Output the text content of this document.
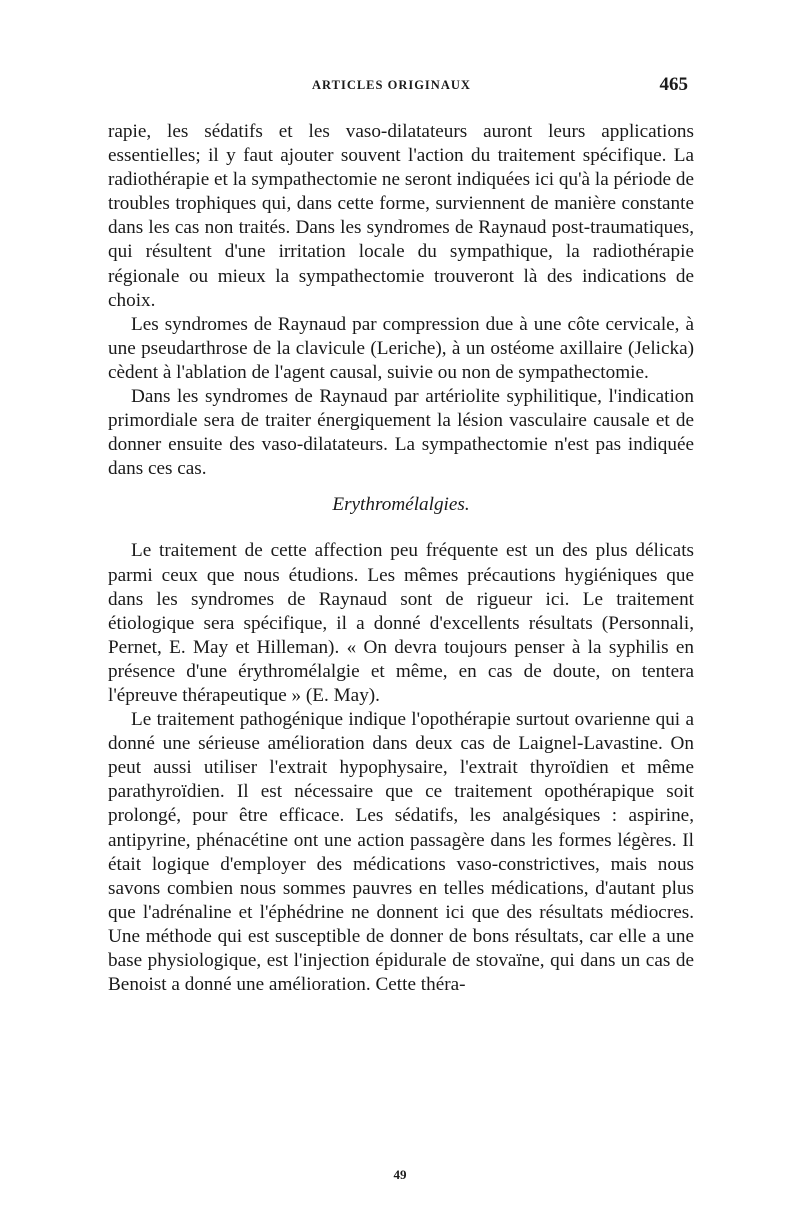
ARTICLES ORIGINAUX	465

rapie, les sédatifs et les vaso-dilatateurs auront leurs applications essentielles; il y faut ajouter souvent l'action du traitement spécifique. La radiothérapie et la sympathectomie ne seront indiquées ici qu'à la période de troubles trophiques qui, dans cette forme, surviennent de manière constante dans les cas non traités. Dans les syndromes de Raynaud post-traumatiques, qui résultent d'une irritation locale du sympathique, la radiothérapie régionale ou mieux la sympathectomie trouveront là des indications de choix.

Les syndromes de Raynaud par compression due à une côte cervicale, à une pseudarthrose de la clavicule (Leriche), à un ostéome axillaire (Jelicka) cèdent à l'ablation de l'agent causal, suivie ou non de sympathectomie.

Dans les syndromes de Raynaud par artériolite syphilitique, l'indication primordiale sera de traiter énergiquement la lésion vasculaire causale et de donner ensuite des vaso-dilatateurs. La sympathectomie n'est pas indiquée dans ces cas.

Erythromélalgies.

Le traitement de cette affection peu fréquente est un des plus délicats parmi ceux que nous étudions. Les mêmes précautions hygiéniques que dans les syndromes de Raynaud sont de rigueur ici. Le traitement étiologique sera spécifique, il a donné d'excellents résultats (Personnali, Pernet, E. May et Hilleman). « On devra toujours penser à la syphilis en présence d'une érythromélalgie et même, en cas de doute, on tentera l'épreuve thérapeutique » (E. May).

Le traitement pathogénique indique l'opothérapie surtout ovarienne qui a donné une sérieuse amélioration dans deux cas de Laignel-Lavastine. On peut aussi utiliser l'extrait hypophysaire, l'extrait thyroïdien et même parathyroïdien. Il est nécessaire que ce traitement opothérapique soit prolongé, pour être efficace. Les sédatifs, les analgésiques : aspirine, antipyrine, phénacétine ont une action passagère dans les formes légères. Il était logique d'employer des médications vaso-constrictives, mais nous savons combien nous sommes pauvres en telles médications, d'autant plus que l'adrénaline et l'éphédrine ne donnent ici que des résultats médiocres. Une méthode qui est susceptible de donner de bons résultats, car elle a une base physiologique, est l'injection épidurale de stovaïne, qui dans un cas de Benoist a donné une amélioration. Cette théra-

49
